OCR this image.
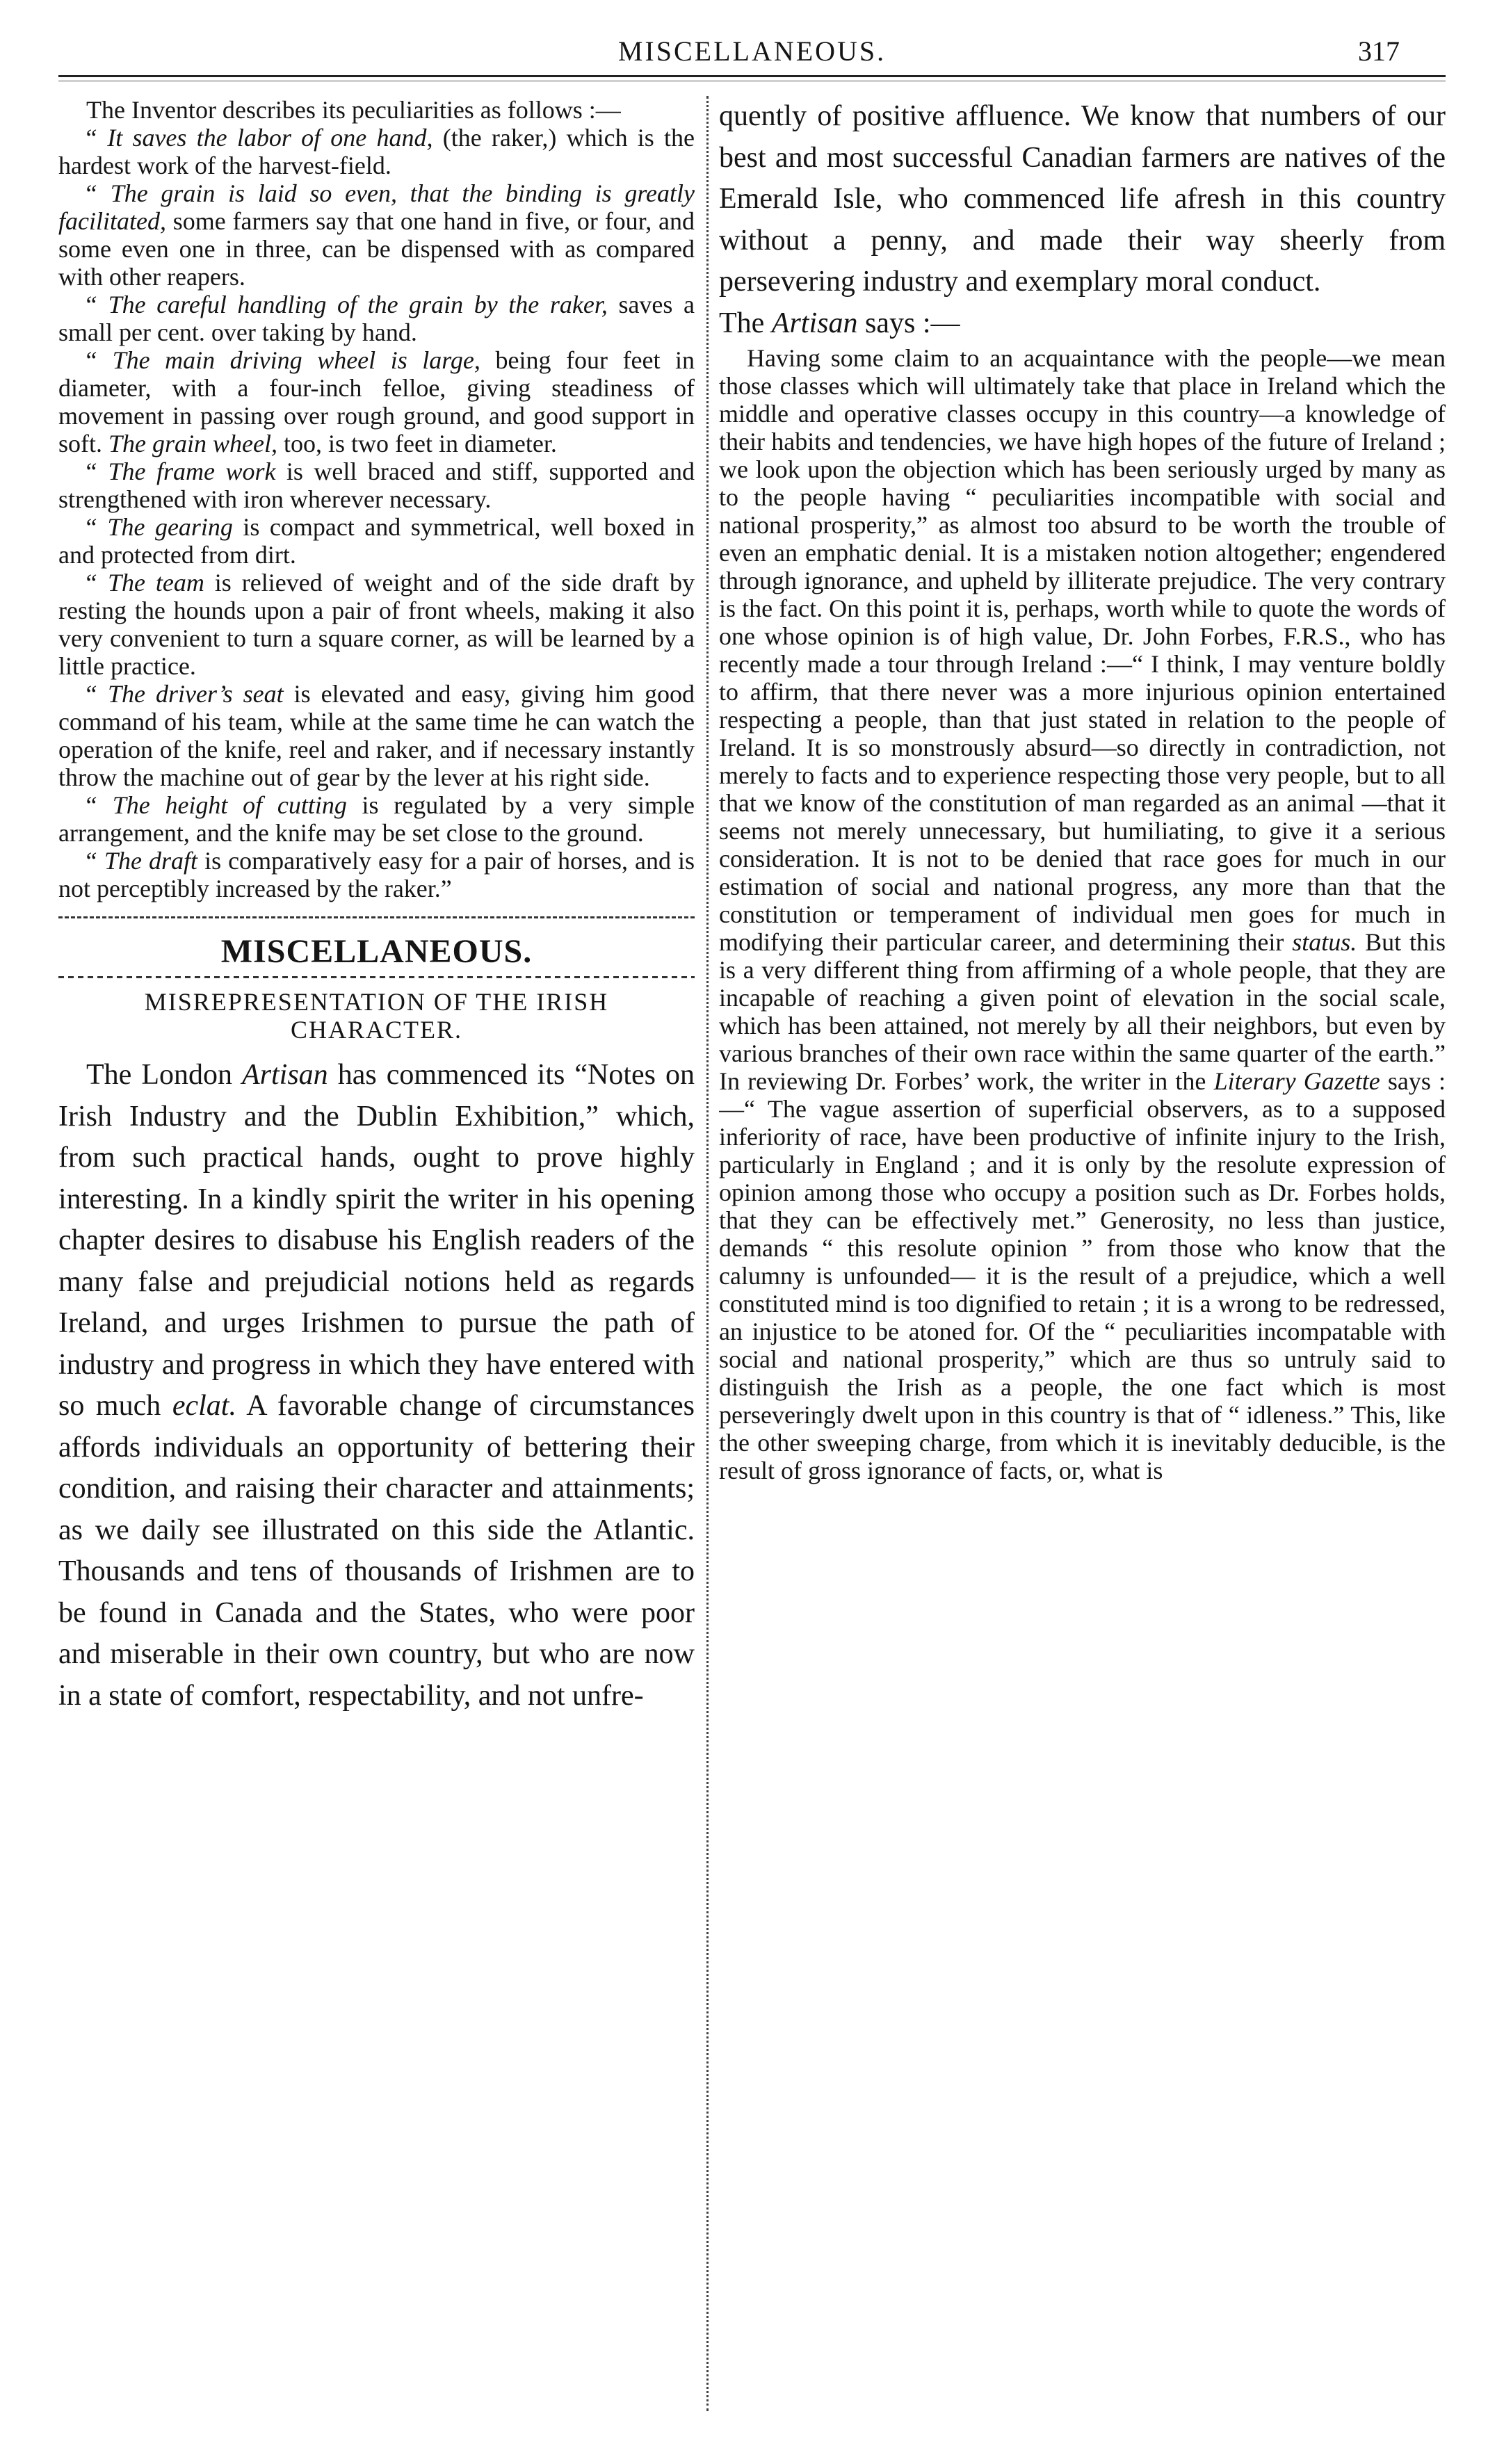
MISCELLANEOUS.	317

The Inventor describes its peculiarities as follows :—

“ It saves the labor of one hand, (the raker,) which is the hardest work of the harvest-field.

“ The grain is laid so even, that the binding is greatly facilitated, some farmers say that one hand in five, or four, and some even one in three, can be dispensed with as compared with other reapers.

“ The careful handling of the grain by the raker, saves a small per cent. over taking by hand.

“ The main driving wheel is large, being four feet in diameter, with a four-inch felloe, giving steadiness of movement in passing over rough ground, and good support in soft. The grain wheel, too, is two feet in diameter.

“ The frame work is well braced and stiff, supported and strengthened with iron wherever necessary.

“ The gearing is compact and symmetrical, well boxed in and protected from dirt.

“ The team is relieved of weight and of the side draft by resting the hounds upon a pair of front wheels, making it also very convenient to turn a square corner, as will be learned by a little practice.

“ The driver’s seat is elevated and easy, giving him good command of his team, while at the same time he can watch the operation of the knife, reel and raker, and if necessary instantly throw the machine out of gear by the lever at his right side.

“ The height of cutting is regulated by a very simple arrangement, and the knife may be set close to the ground.

“ The draft is comparatively easy for a pair of horses, and is not perceptibly increased by the raker.”

MISCELLANEOUS.
MISREPRESENTATION OF THE IRISH CHARACTER.

The London Artisan has commenced its “Notes on Irish Industry and the Dublin Exhibition,” which, from such practical hands, ought to prove highly interesting. In a kindly spirit the writer in his opening chapter desires to disabuse his English readers of the many false and prejudicial notions held as regards Ireland, and urges Irishmen to pursue the path of industry and progress in which they have entered with so much eclat. A favorable change of circumstances affords individuals an opportunity of bettering their condition, and raising their character and attainments; as we daily see illustrated on this side the Atlantic. Thousands and tens of thousands of Irishmen are to be found in Canada and the States, who were poor and miserable in their own country, but who are now in a state of comfort, respectability, and not unfre-

quently of positive affluence. We know that numbers of our best and most successful Canadian farmers are natives of the Emerald Isle, who commenced life afresh in this country without a penny, and made their way sheerly from persevering industry and exemplary moral conduct.

The Artisan says :—

Having some claim to an acquaintance with the people—we mean those classes which will ultimately take that place in Ireland which the middle and operative classes occupy in this country—a knowledge of their habits and tendencies, we have high hopes of the future of Ireland ; we look upon the objection which has been seriously urged by many as to the people having “ peculiarities incompatible with social and national prosperity,” as almost too absurd to be worth the trouble of even an emphatic denial. It is a mistaken notion altogether; engendered through ignorance, and upheld by illiterate prejudice. The very contrary is the fact. On this point it is, perhaps, worth while to quote the words of one whose opinion is of high value, Dr. John Forbes, F.R.S., who has recently made a tour through Ireland :—“ I think, I may venture boldly to affirm, that there never was a more injurious opinion entertained respecting a people, than that just stated in relation to the people of Ireland. It is so monstrously absurd—so directly in contradiction, not merely to facts and to experience respecting those very people, but to all that we know of the constitution of man regarded as an animal —that it seems not merely unnecessary, but humiliating, to give it a serious consideration. It is not to be denied that race goes for much in our estimation of social and national progress, any more than that the constitution or temperament of individual men goes for much in modifying their particular career, and determining their status. But this is a very different thing from affirming of a whole people, that they are incapable of reaching a given point of elevation in the social scale, which has been attained, not merely by all their neighbors, but even by various branches of their own race within the same quarter of the earth.” In reviewing Dr. Forbes’ work, the writer in the Literary Gazette says :—“ The vague assertion of superficial observers, as to a supposed inferiority of race, have been productive of infinite injury to the Irish, particularly in England ; and it is only by the resolute expression of opinion among those who occupy a position such as Dr. Forbes holds, that they can be effectively met.” Generosity, no less than justice, demands “ this resolute opinion ” from those who know that the calumny is unfounded— it is the result of a prejudice, which a well constituted mind is too dignified to retain ; it is a wrong to be redressed, an injustice to be atoned for. Of the “ peculiarities incompatable with social and national prosperity,” which are thus so untruly said to distinguish the Irish as a people, the one fact which is most perseveringly dwelt upon in this country is that of “ idleness.” This, like the other sweeping charge, from which it is inevitably deducible, is the result of gross ignorance of facts, or, what is
